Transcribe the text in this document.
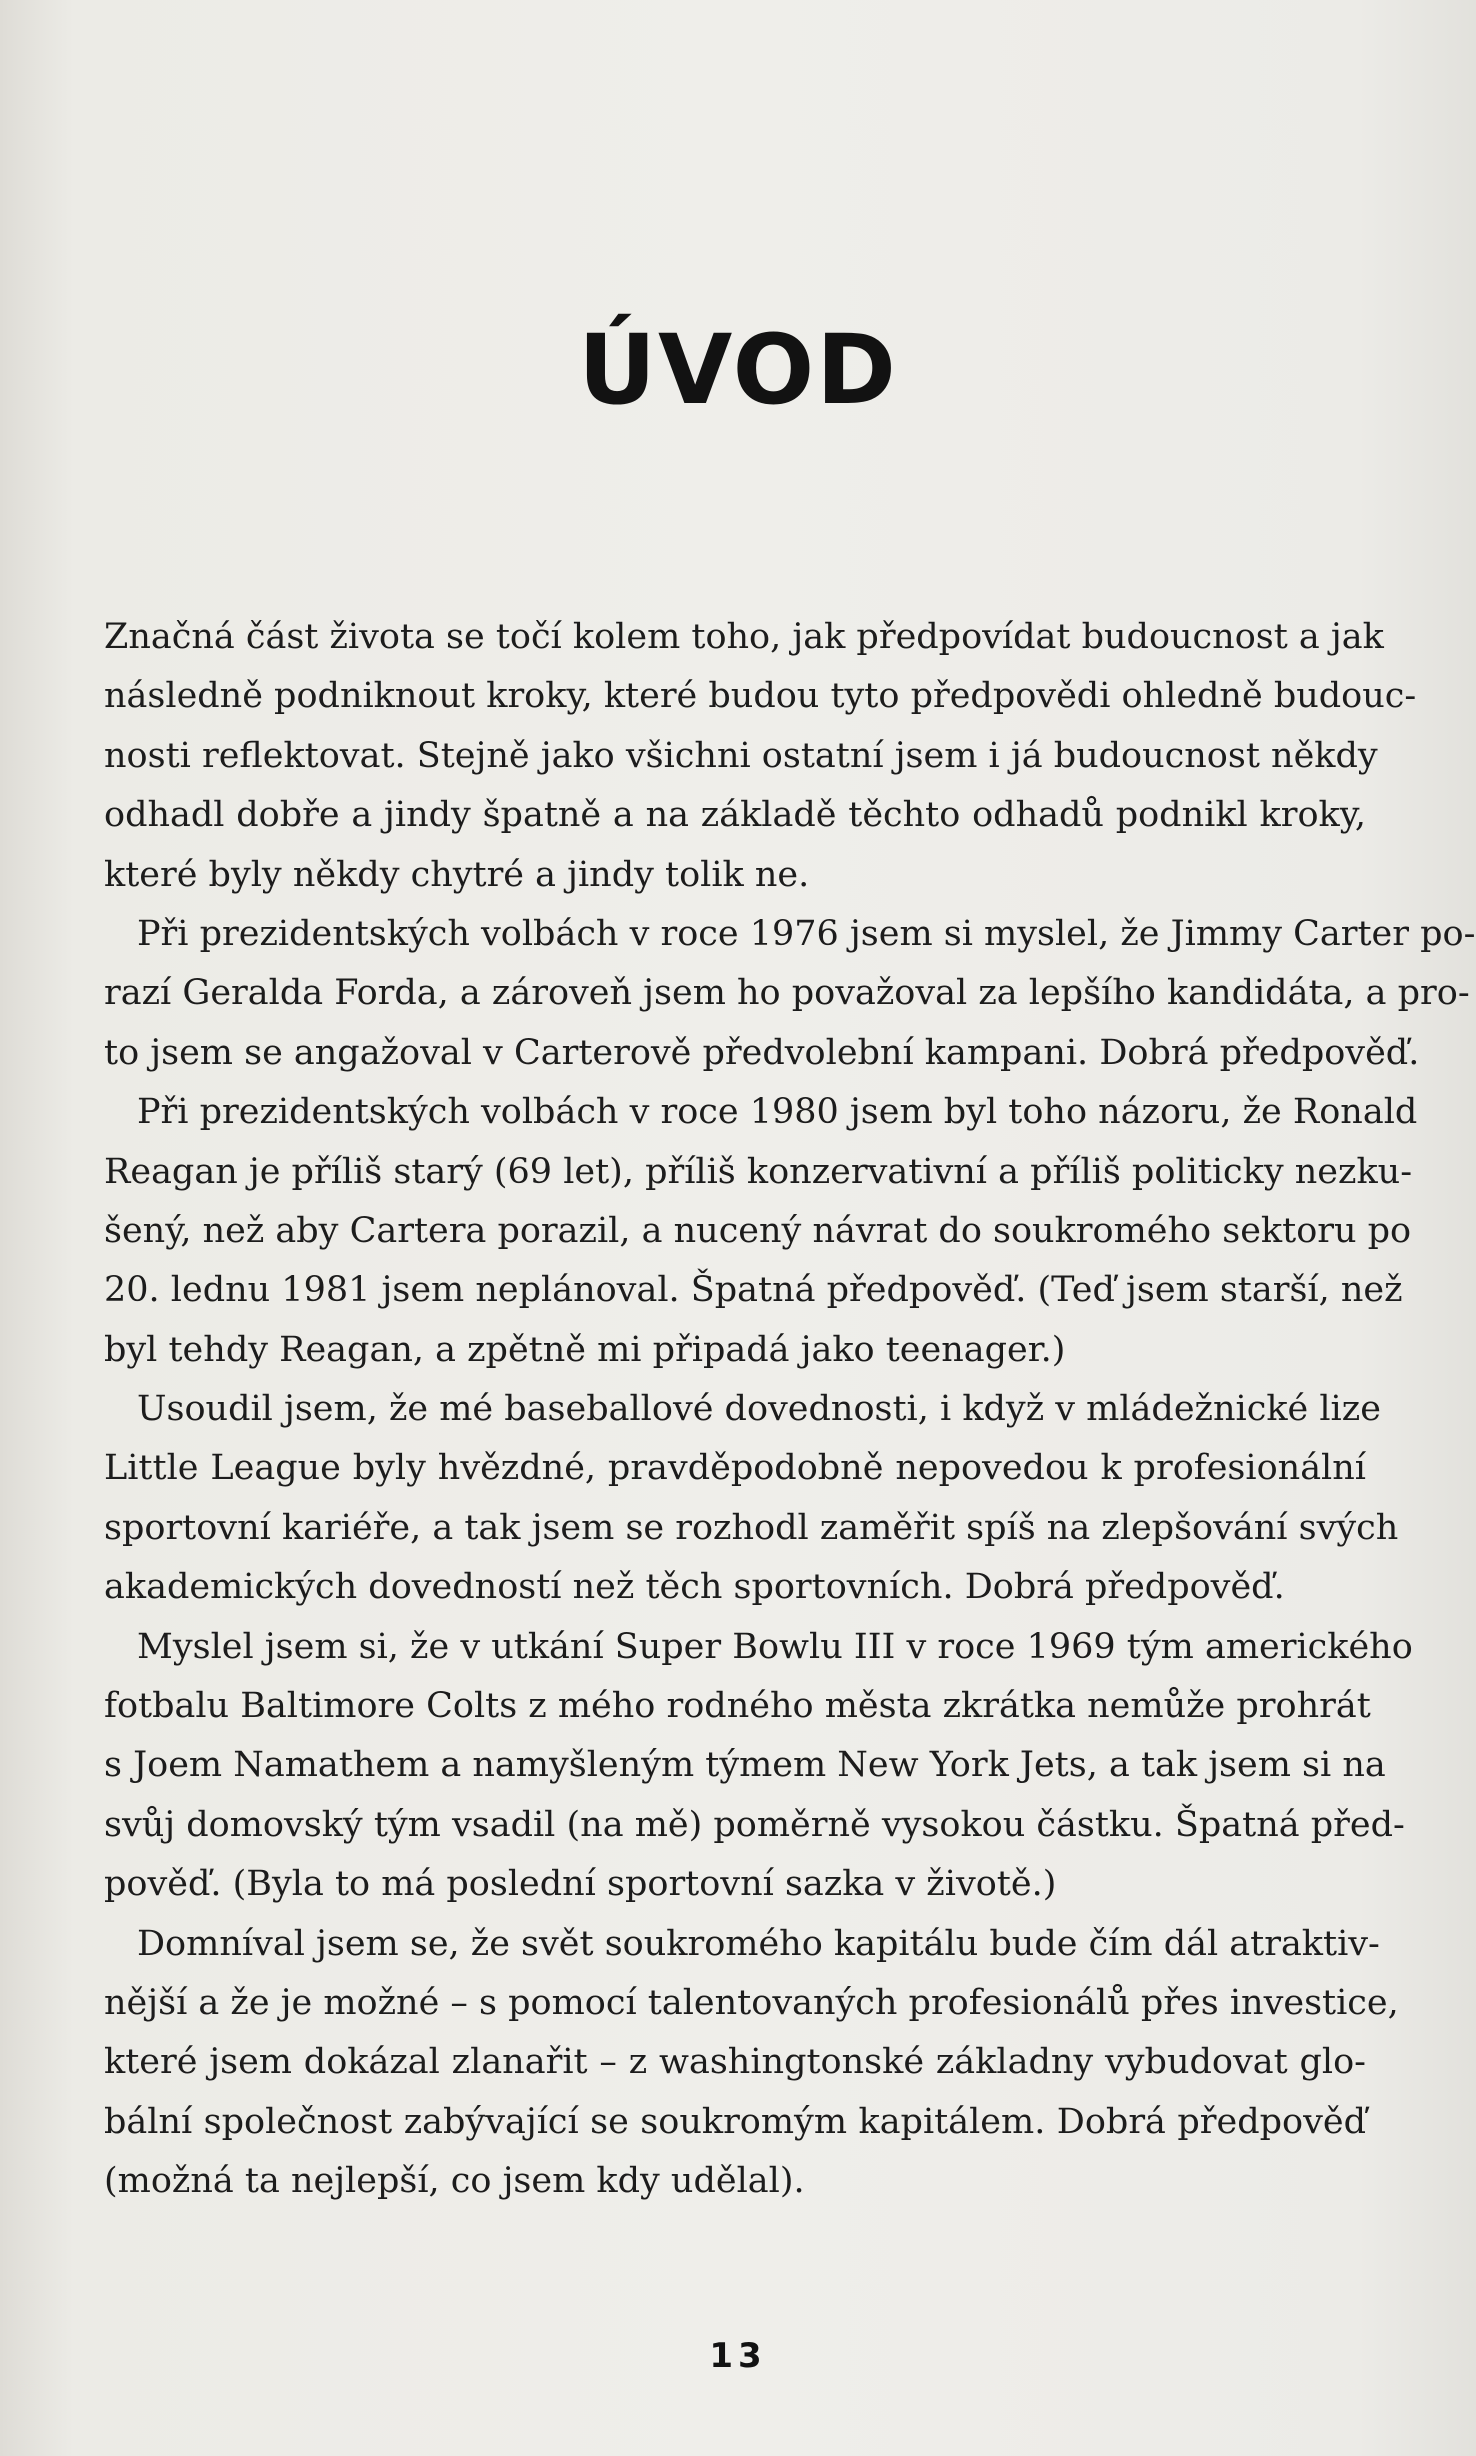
ÚVOD
Značná část života se točí kolem toho, jak předpovídat budoucnost a jak
následně podniknout kroky, které budou tyto předpovědi ohledně budouc-
nosti reflektovat. Stejně jako všichni ostatní jsem i já budoucnost někdy
odhadl dobře a jindy špatně a na základě těchto odhadů podnikl kroky,
které byly někdy chytré a jindy tolik ne.
Při prezidentských volbách v roce 1976 jsem si myslel, že Jimmy Carter po-
razí Geralda Forda, a zároveň jsem ho považoval za lepšího kandidáta, a pro-
to jsem se angažoval v Carterově předvolební kampani. Dobrá předpověď.
Při prezidentských volbách v roce 1980 jsem byl toho názoru, že Ronald
Reagan je příliš starý (69 let), příliš konzervativní a příliš politicky nezku-
šený, než aby Cartera porazil, a nucený návrat do soukromého sektoru po
20. lednu 1981 jsem neplánoval. Špatná předpověď. (Teď jsem starší, než
byl tehdy Reagan, a zpětně mi připadá jako teenager.)
Usoudil jsem, že mé baseballové dovednosti, i když v mládežnické lize
Little League byly hvězdné, pravděpodobně nepovedou k profesionální
sportovní kariéře, a tak jsem se rozhodl zaměřit spíš na zlepšování svých
akademických dovedností než těch sportovních. Dobrá předpověď.
Myslel jsem si, že v utkání Super Bowlu III v roce 1969 tým amerického
fotbalu Baltimore Colts z mého rodného města zkrátka nemůže prohrát
s Joem Namathem a namyšleným týmem New York Jets, a tak jsem si na
svůj domovský tým vsadil (na mě) poměrně vysokou částku. Špatná před-
pověď. (Byla to má poslední sportovní sazka v životě.)
Domníval jsem se, že svět soukromého kapitálu bude čím dál atraktiv-
nější a že je možné – s pomocí talentovaných profesionálů přes investice,
které jsem dokázal zlanařit – z washingtonské základny vybudovat glo-
bální společnost zabývající se soukromým kapitálem. Dobrá předpověď
(možná ta nejlepší, co jsem kdy udělal).
13
